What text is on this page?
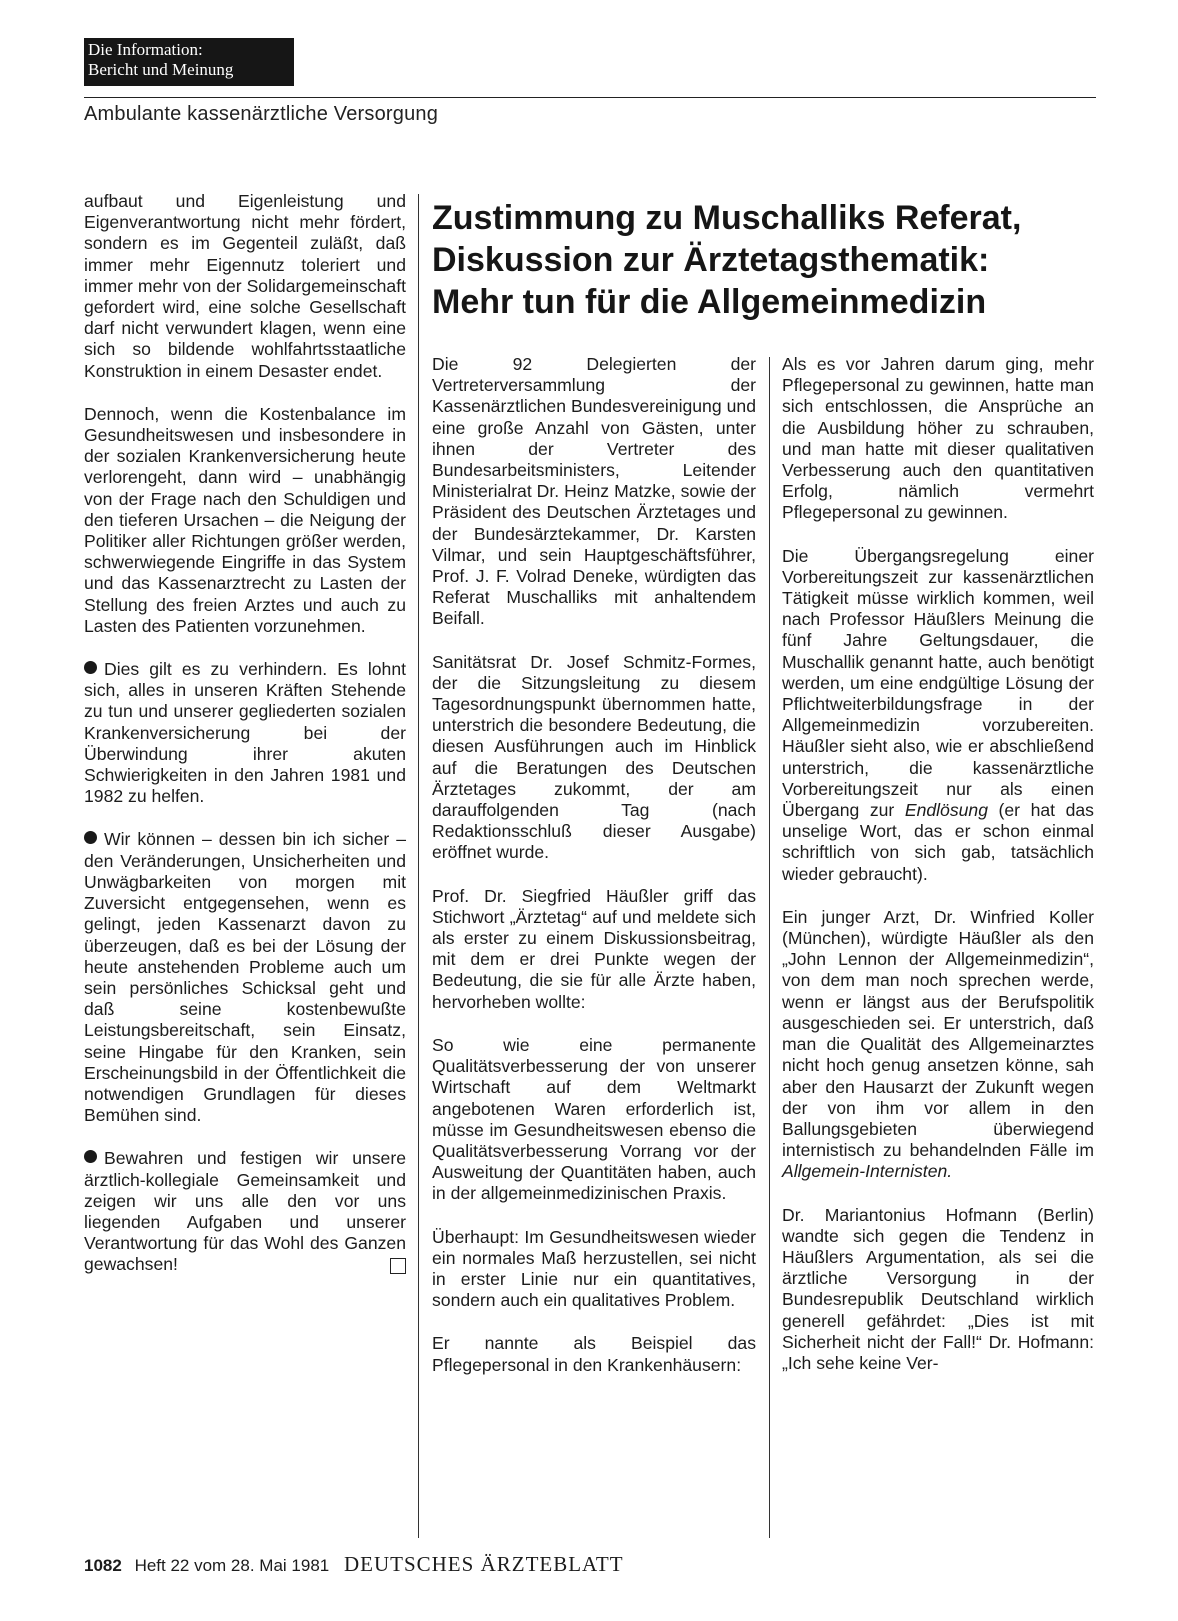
Die Information:
Bericht und Meinung
Ambulante kassenärztliche Versorgung
Zustimmung zu Muschalliks Referat,
Diskussion zur Ärztetagsthematik:
Mehr tun für die Allgemeinmedizin

aufbaut und Eigenleistung und Eigenverantwortung nicht mehr fördert, sondern es im Gegenteil zuläßt, daß immer mehr Eigennutz toleriert und immer mehr von der Solidargemeinschaft gefordert wird, eine solche Gesellschaft darf nicht verwundert klagen, wenn eine sich so bildende wohlfahrtsstaatliche Konstruktion in einem Desaster endet.

Dennoch, wenn die Kostenbalance im Gesundheitswesen und insbesondere in der sozialen Krankenversicherung heute verlorengeht, dann wird – unabhängig von der Frage nach den Schuldigen und den tieferen Ursachen – die Neigung der Politiker aller Richtungen größer werden, schwerwiegende Eingriffe in das System und das Kassenarztrecht zu Lasten der Stellung des freien Arztes und auch zu Lasten des Patienten vorzunehmen.

Dies gilt es zu verhindern. Es lohnt sich, alles in unseren Kräften Stehende zu tun und unserer gegliederten sozialen Krankenversicherung bei der Überwindung ihrer akuten Schwierigkeiten in den Jahren 1981 und 1982 zu helfen.

Wir können – dessen bin ich sicher – den Veränderungen, Unsicherheiten und Unwägbarkeiten von morgen mit Zuversicht entgegensehen, wenn es gelingt, jeden Kassenarzt davon zu überzeugen, daß es bei der Lösung der heute anstehenden Probleme auch um sein persönliches Schicksal geht und daß seine kostenbewußte Leistungsbereitschaft, sein Einsatz, seine Hingabe für den Kranken, sein Erscheinungsbild in der Öffentlichkeit die notwendigen Grundlagen für dieses Bemühen sind.

Bewahren und festigen wir unsere ärztlich-kollegiale Gemeinsamkeit und zeigen wir uns alle den vor uns liegenden Aufgaben und unserer Verantwortung für das Wohl des Ganzen gewachsen!

Die 92 Delegierten der Vertreterversammlung der Kassenärztlichen Bundesvereinigung und eine große Anzahl von Gästen, unter ihnen der Vertreter des Bundesarbeitsministers, Leitender Ministerialrat Dr. Heinz Matzke, sowie der Präsident des Deutschen Ärztetages und der Bundesärztekammer, Dr. Karsten Vilmar, und sein Hauptgeschäftsführer, Prof. J. F. Volrad Deneke, würdigten das Referat Muschalliks mit anhaltendem Beifall.

Sanitätsrat Dr. Josef Schmitz-Formes, der die Sitzungsleitung zu diesem Tagesordnungspunkt übernommen hatte, unterstrich die besondere Bedeutung, die diesen Ausführungen auch im Hinblick auf die Beratungen des Deutschen Ärztetages zukommt, der am darauffolgenden Tag (nach Redaktionsschluß dieser Ausgabe) eröffnet wurde.

Prof. Dr. Siegfried Häußler griff das Stichwort „Ärztetag“ auf und meldete sich als erster zu einem Diskussionsbeitrag, mit dem er drei Punkte wegen der Bedeutung, die sie für alle Ärzte haben, hervorheben wollte:

So wie eine permanente Qualitätsverbesserung der von unserer Wirtschaft auf dem Weltmarkt angebotenen Waren erforderlich ist, müsse im Gesundheitswesen ebenso die Qualitätsverbesserung Vorrang vor der Ausweitung der Quantitäten haben, auch in der allgemeinmedizinischen Praxis.

Überhaupt: Im Gesundheitswesen wieder ein normales Maß herzustellen, sei nicht in erster Linie nur ein quantitatives, sondern auch ein qualitatives Problem.

Er nannte als Beispiel das Pflegepersonal in den Krankenhäusern:

Als es vor Jahren darum ging, mehr Pflegepersonal zu gewinnen, hatte man sich entschlossen, die Ansprüche an die Ausbildung höher zu schrauben, und man hatte mit dieser qualitativen Verbesserung auch den quantitativen Erfolg, nämlich vermehrt Pflegepersonal zu gewinnen.

Die Übergangsregelung einer Vorbereitungszeit zur kassenärztlichen Tätigkeit müsse wirklich kommen, weil nach Professor Häußlers Meinung die fünf Jahre Geltungsdauer, die Muschallik genannt hatte, auch benötigt werden, um eine endgültige Lösung der Pflichtweiterbildungsfrage in der Allgemeinmedizin vorzubereiten. Häußler sieht also, wie er abschließend unterstrich, die kassenärztliche Vorbereitungszeit nur als einen Übergang zur Endlösung (er hat das unselige Wort, das er schon einmal schriftlich von sich gab, tatsächlich wieder gebraucht).

Ein junger Arzt, Dr. Winfried Koller (München), würdigte Häußler als den „John Lennon der Allgemeinmedizin“, von dem man noch sprechen werde, wenn er längst aus der Berufspolitik ausgeschieden sei. Er unterstrich, daß man die Qualität des Allgemeinarztes nicht hoch genug ansetzen könne, sah aber den Hausarzt der Zukunft wegen der von ihm vor allem in den Ballungsgebieten überwiegend internistisch zu behandelnden Fälle im Allgemein-Internisten.

Dr. Mariantonius Hofmann (Berlin) wandte sich gegen die Tendenz in Häußlers Argumentation, als sei die ärztliche Versorgung in der Bundesrepublik Deutschland wirklich generell gefährdet: „Dies ist mit Sicherheit nicht der Fall!“ Dr. Hofmann: „Ich sehe keine Ver-

1082 Heft 22 vom 28. Mai 1981 DEUTSCHES ÄRZTEBLATT
